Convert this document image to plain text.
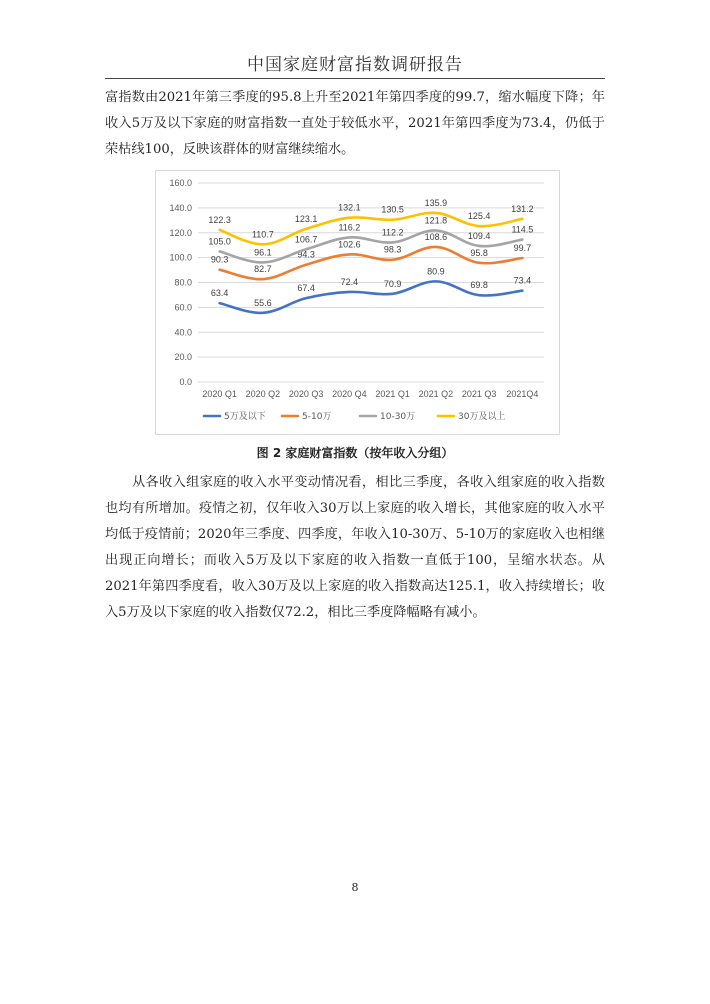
中国家庭财富指数调研报告

富指数由2021年第三季度的95.8上升至2021年第四季度的99.7，缩水幅度下降；年收入5万及以下家庭的财富指数一直处于较低水平，2021年第四季度为73.4，仍低于荣枯线100，反映该群体的财富继续缩水。

0.0
20.0
40.0
60.0
80.0
100.0
120.0
140.0
160.0
2020 Q1 2020 Q2 2020 Q3 2020 Q4 2021 Q1 2021 Q2 2021 Q3 2021Q4
63.4
55.6
67.4
72.4	70.9
80.9
69.8	73.4
90.3
82.7
94.3
102.6
98.3
108.6
95.8	99.7
105.0
96.1
106.7
116.2 112.2
121.8
109.4
114.5
122.3
110.7
123.1
132.1 130.5
135.9
125.4
131.2
5万及以下	5-10万	10-30万	30万及以上
图 2 家庭财富指数（按年收入分组）

从各收入组家庭的收入水平变动情况看，相比三季度，各收入组家庭的收入指数也均有所增加。疫情之初，仅年收入30万以上家庭的收入增长，其他家庭的收入水平均低于疫情前；2020年三季度、四季度，年收入10-30万、5-10万的家庭收入也相继出现正向增长；而收入5万及以下家庭的收入指数一直低于100，呈缩水状态。从2021年第四季度看，收入30万及以上家庭的收入指数高达125.1，收入持续增长；收入5万及以下家庭的收入指数仅72.2，相比三季度降幅略有减小。

8
